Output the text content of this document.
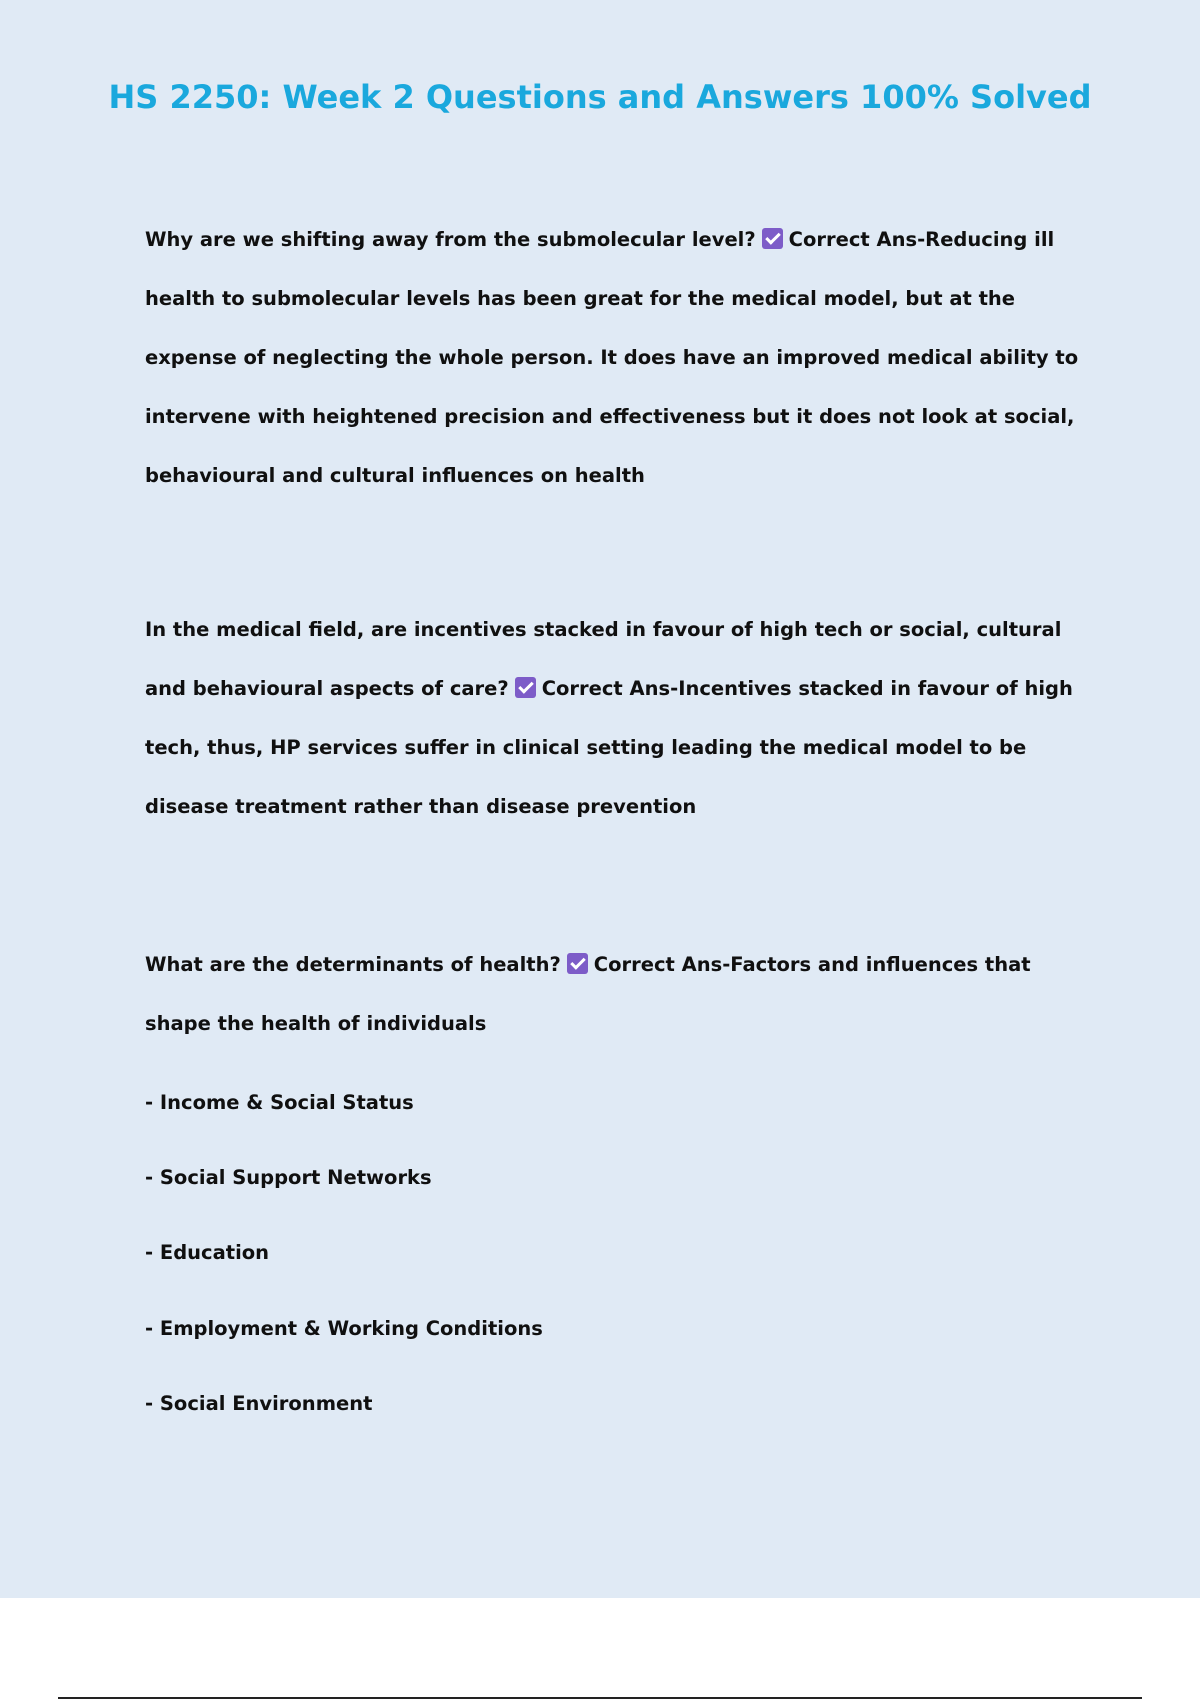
HS 2250: Week 2 Questions and Answers 100% Solved

Why are we shifting away from the submolecular level? Correct Ans-Reducing ill health to submolecular levels has been great for the medical model, but at the expense of neglecting the whole person. It does have an improved medical ability to intervene with heightened precision and effectiveness but it does not look at social, behavioural and cultural influences on health

In the medical field, are incentives stacked in favour of high tech or social, cultural and behavioural aspects of care? Correct Ans-Incentives stacked in favour of high tech, thus, HP services suffer in clinical setting leading the medical model to be disease treatment rather than disease prevention

What are the determinants of health? Correct Ans-Factors and influences that shape the health of individuals

- Income & Social Status

- Social Support Networks

- Education

- Employment & Working Conditions

- Social Environment
